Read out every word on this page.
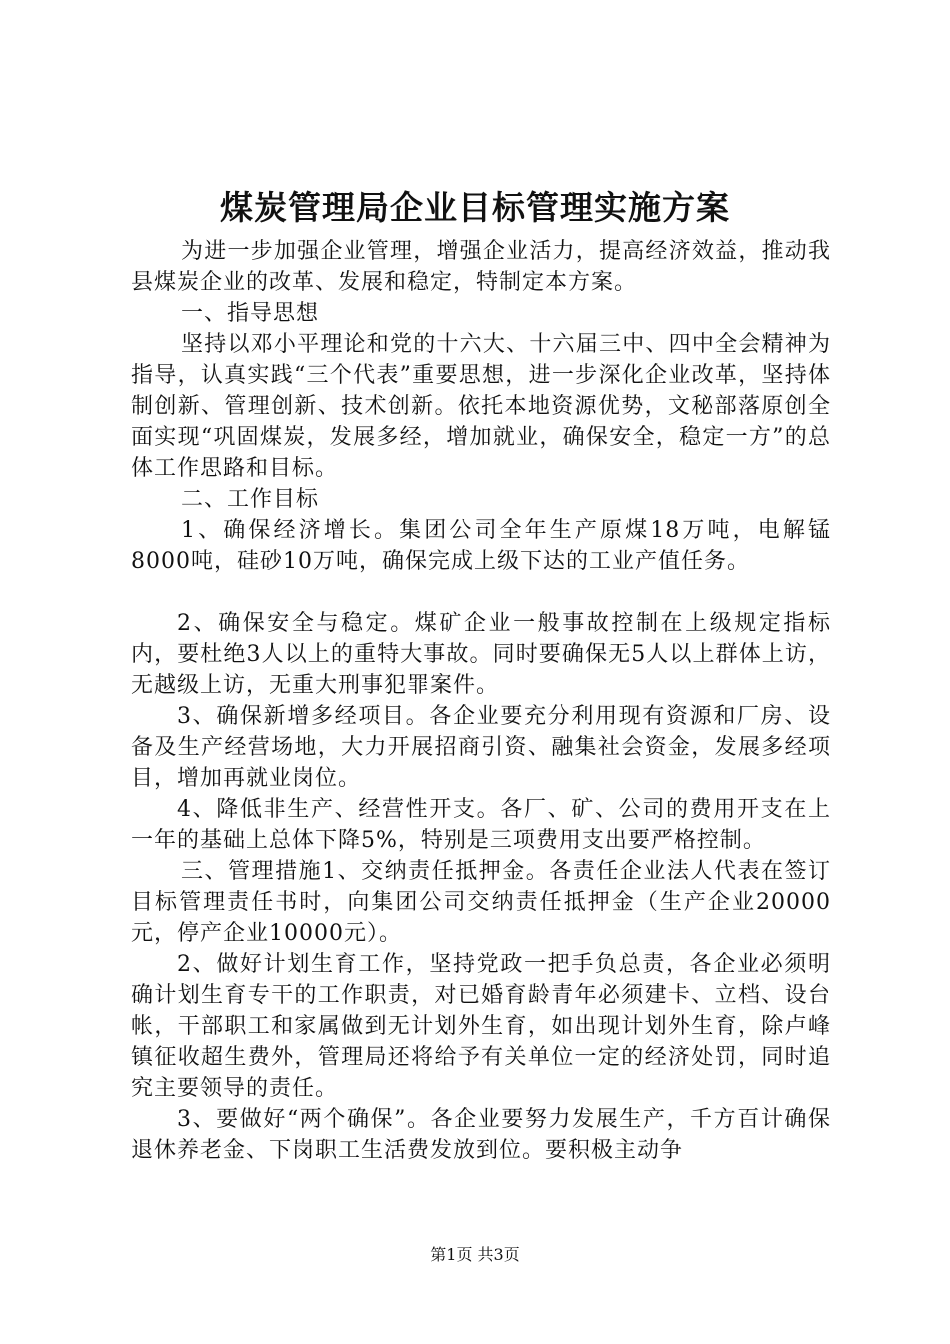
煤炭管理局企业目标管理实施方案

为进一步加强企业管理，增强企业活力，提高经济效益，推动我县煤炭企业的改革、发展和稳定，特制定本方案。

一、指导思想

坚持以邓小平理论和党的十六大、十六届三中、四中全会精神为指导，认真实践“三个代表”重要思想，进一步深化企业改革，坚持体制创新、管理创新、技术创新。依托本地资源优势，文秘部落原创全面实现“巩固煤炭，发展多经，增加就业，确保安全，稳定一方”的总体工作思路和目标。

二、工作目标

1、确保经济增长。集团公司全年生产原煤18万吨，电解锰8000吨，硅砂10万吨，确保完成上级下达的工业产值任务。

2、确保安全与稳定。煤矿企业一般事故控制在上级规定指标内，要杜绝3人以上的重特大事故。同时要确保无5人以上群体上访，无越级上访，无重大刑事犯罪案件。

3、确保新增多经项目。各企业要充分利用现有资源和厂房、设备及生产经营场地，大力开展招商引资、融集社会资金，发展多经项目，增加再就业岗位。

4、降低非生产、经营性开支。各厂、矿、公司的费用开支在上一年的基础上总体下降5%，特别是三项费用支出要严格控制。

三、管理措施1、交纳责任抵押金。各责任企业法人代表在签订目标管理责任书时，向集团公司交纳责任抵押金（生产企业20000元，停产企业10000元）。

2、做好计划生育工作，坚持党政一把手负总责，各企业必须明确计划生育专干的工作职责，对已婚育龄青年必须建卡、立档、设台帐，干部职工和家属做到无计划外生育，如出现计划外生育，除卢峰镇征收超生费外，管理局还将给予有关单位一定的经济处罚，同时追究主要领导的责任。

3、要做好“两个确保”。各企业要努力发展生产，千方百计确保退休养老金、下岗职工生活费发放到位。要积极主动争

第1页 共3页
